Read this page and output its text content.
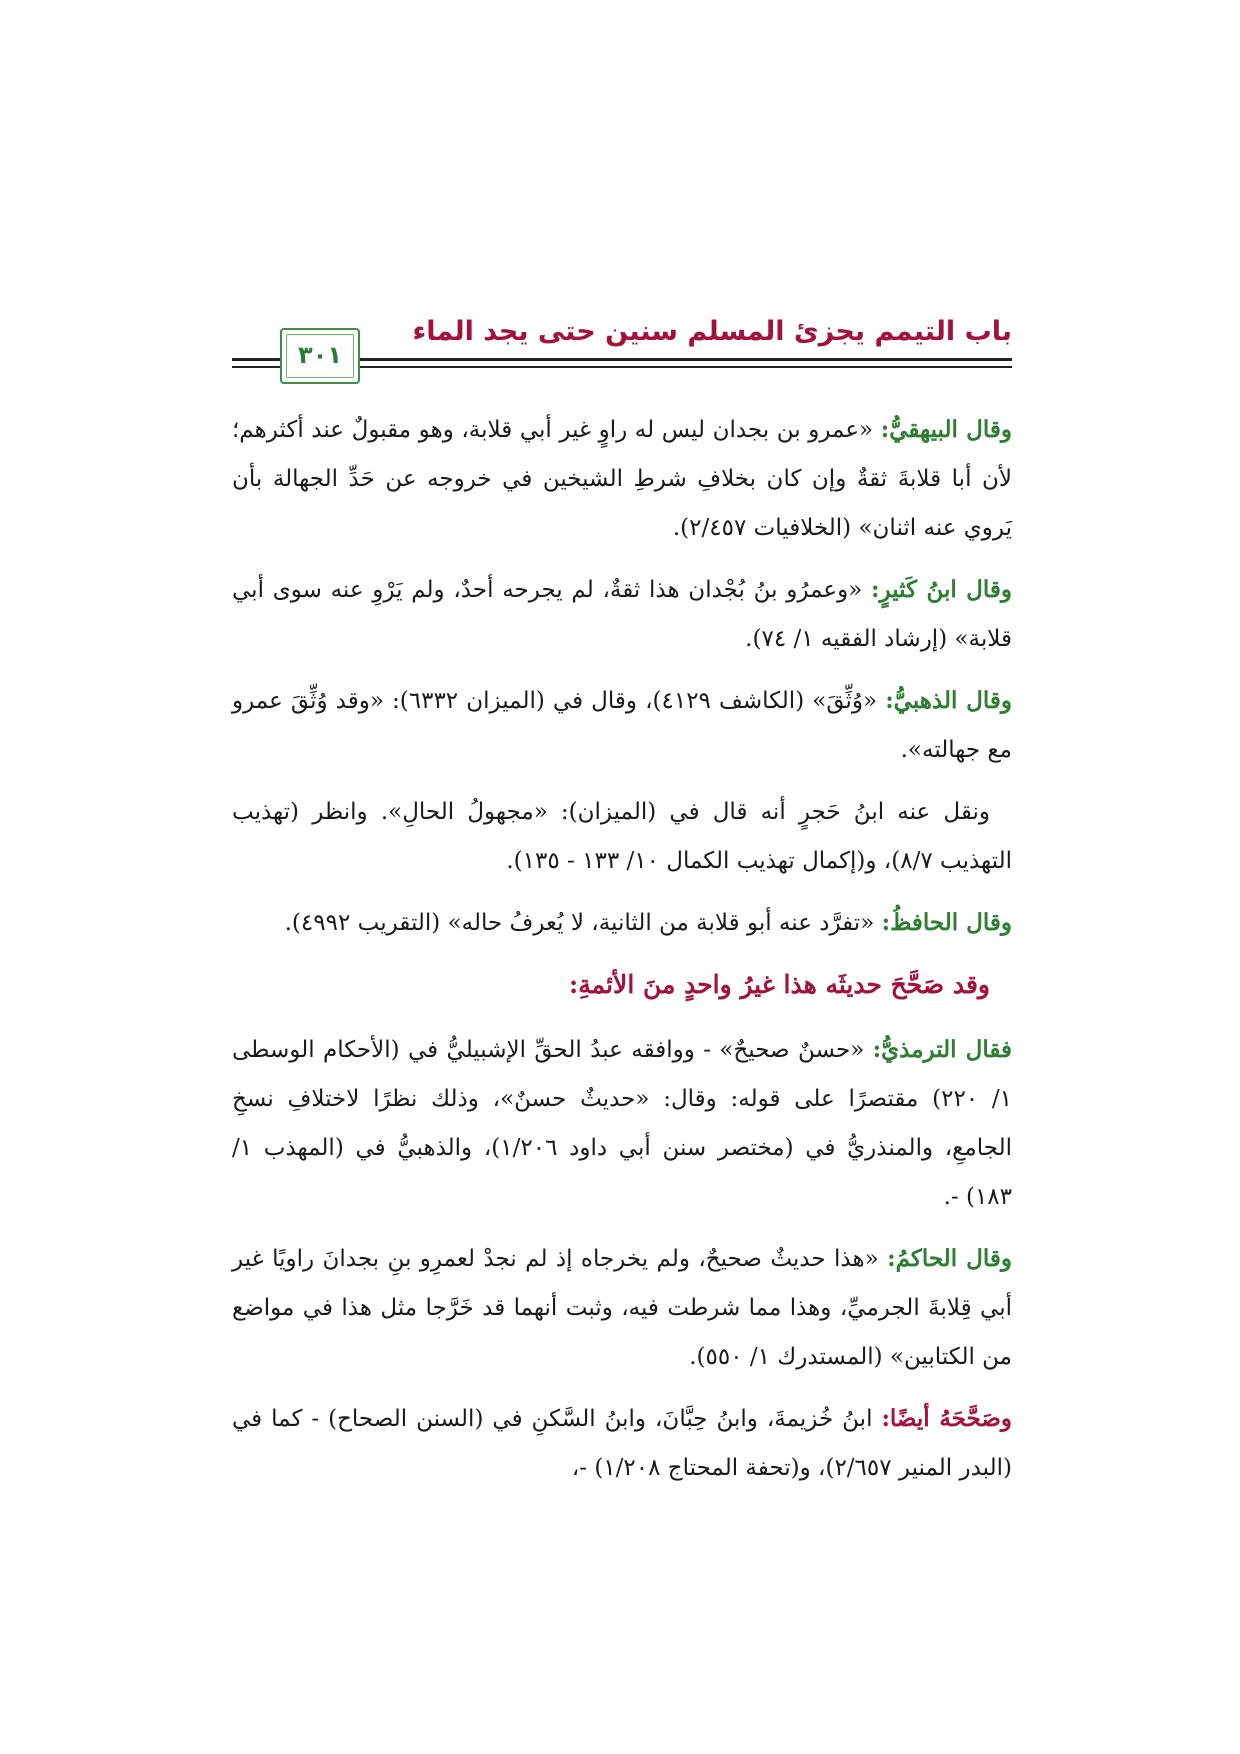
باب التيمم يجزئ المسلم سنين حتى يجد الماء
٣٠١

وقال البيهقيُّ: «عمرو بن بجدان ليس له راوٍ غير أبي قلابة، وهو مقبولٌ عند أكثرهم؛ لأن أبا قلابةَ ثقةٌ وإن كان بخلافِ شرطِ الشيخين في خروجه عن حَدِّ الجهالة بأن يَروي عنه اثنان» (الخلافيات ٢/٤٥٧).

وقال ابنُ كَثيرٍ: «وعمرُو بنُ بُجْدان هذا ثقةٌ، لم يجرحه أحدٌ، ولم يَرْوِ عنه سوى أبي قلابة» (إرشاد الفقيه ١/ ٧٤).

وقال الذهبيُّ: «وُثِّقَ» (الكاشف ٤١٢٩)، وقال في (الميزان ٦٣٣٢): «وقد وُثِّقَ عمرو مع جهالته».

ونقل عنه ابنُ حَجرٍ أنه قال في (الميزان): «مجهولُ الحالِ». وانظر (تهذيب التهذيب ٨/٧)، و(إكمال تهذيب الكمال ١٠/ ١٣٣ - ١٣٥).

وقال الحافظُ: «تفرَّد عنه أبو قلابة من الثانية، لا يُعرفُ حاله» (التقريب ٤٩٩٢).

وقد صَحَّحَ حديثَه هذا غيرُ واحدٍ منَ الأئمةِ:

فقال الترمذيُّ: «حسنٌ صحيحٌ» - ووافقه عبدُ الحقِّ الإشبيليُّ في (الأحكام الوسطى ١/ ٢٢٠) مقتصرًا على قوله: وقال: «حديثٌ حسنٌ»، وذلك نظرًا لاختلافِ نسخِ الجامعِ، والمنذريُّ في (مختصر سنن أبي داود ١/٢٠٦)، والذهبيُّ في (المهذب ١/ ١٨٣) -.

وقال الحاكمُ: «هذا حديثٌ صحيحٌ، ولم يخرجاه إذ لم نجدْ لعمرِو بنِ بجدانَ راويًا غير أبي قِلابةَ الجرميِّ، وهذا مما شرطت فيه، وثبت أنهما قد خَرَّجا مثل هذا في مواضع من الكتابين» (المستدرك ١/ ٥٥٠).

وصَحَّحَهُ أيضًا: ابنُ خُزيمةَ، وابنُ حِبَّانَ، وابنُ السَّكنِ في (السنن الصحاح) - كما في (البدر المنير ٢/٦٥٧)، و(تحفة المحتاج ١/٢٠٨) -،
